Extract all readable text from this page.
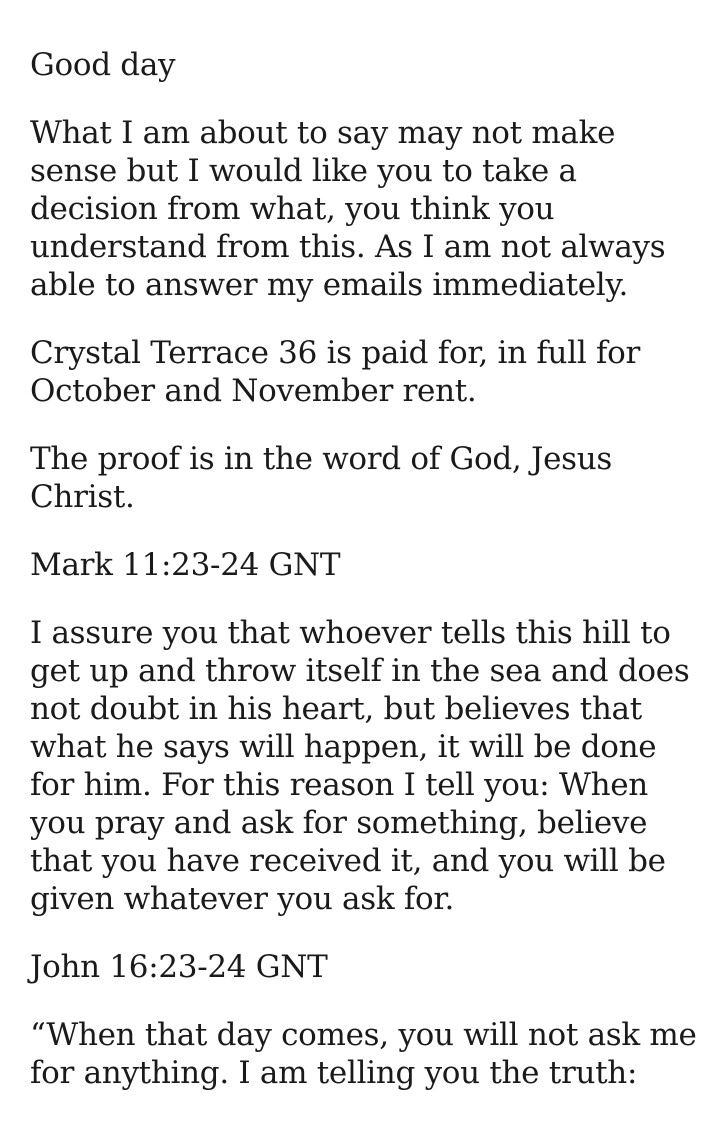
Good day

What I am about to say may not make sense but I would like you to take a decision from what, you think you understand from this. As I am not always able to answer my emails immediately.

Crystal Terrace 36 is paid for, in full for October and November rent.

The proof is in the word of God, Jesus Christ.

Mark 11:23-24 GNT

I assure you that whoever tells this hill to get up and throw itself in the sea and does not doubt in his heart, but believes that what he says will happen, it will be done for him. For this reason I tell you: When you pray and ask for something, believe that you have received it, and you will be given whatever you ask for.

John 16:23-24 GNT

“When that day comes, you will not ask me for anything. I am telling you the truth:
